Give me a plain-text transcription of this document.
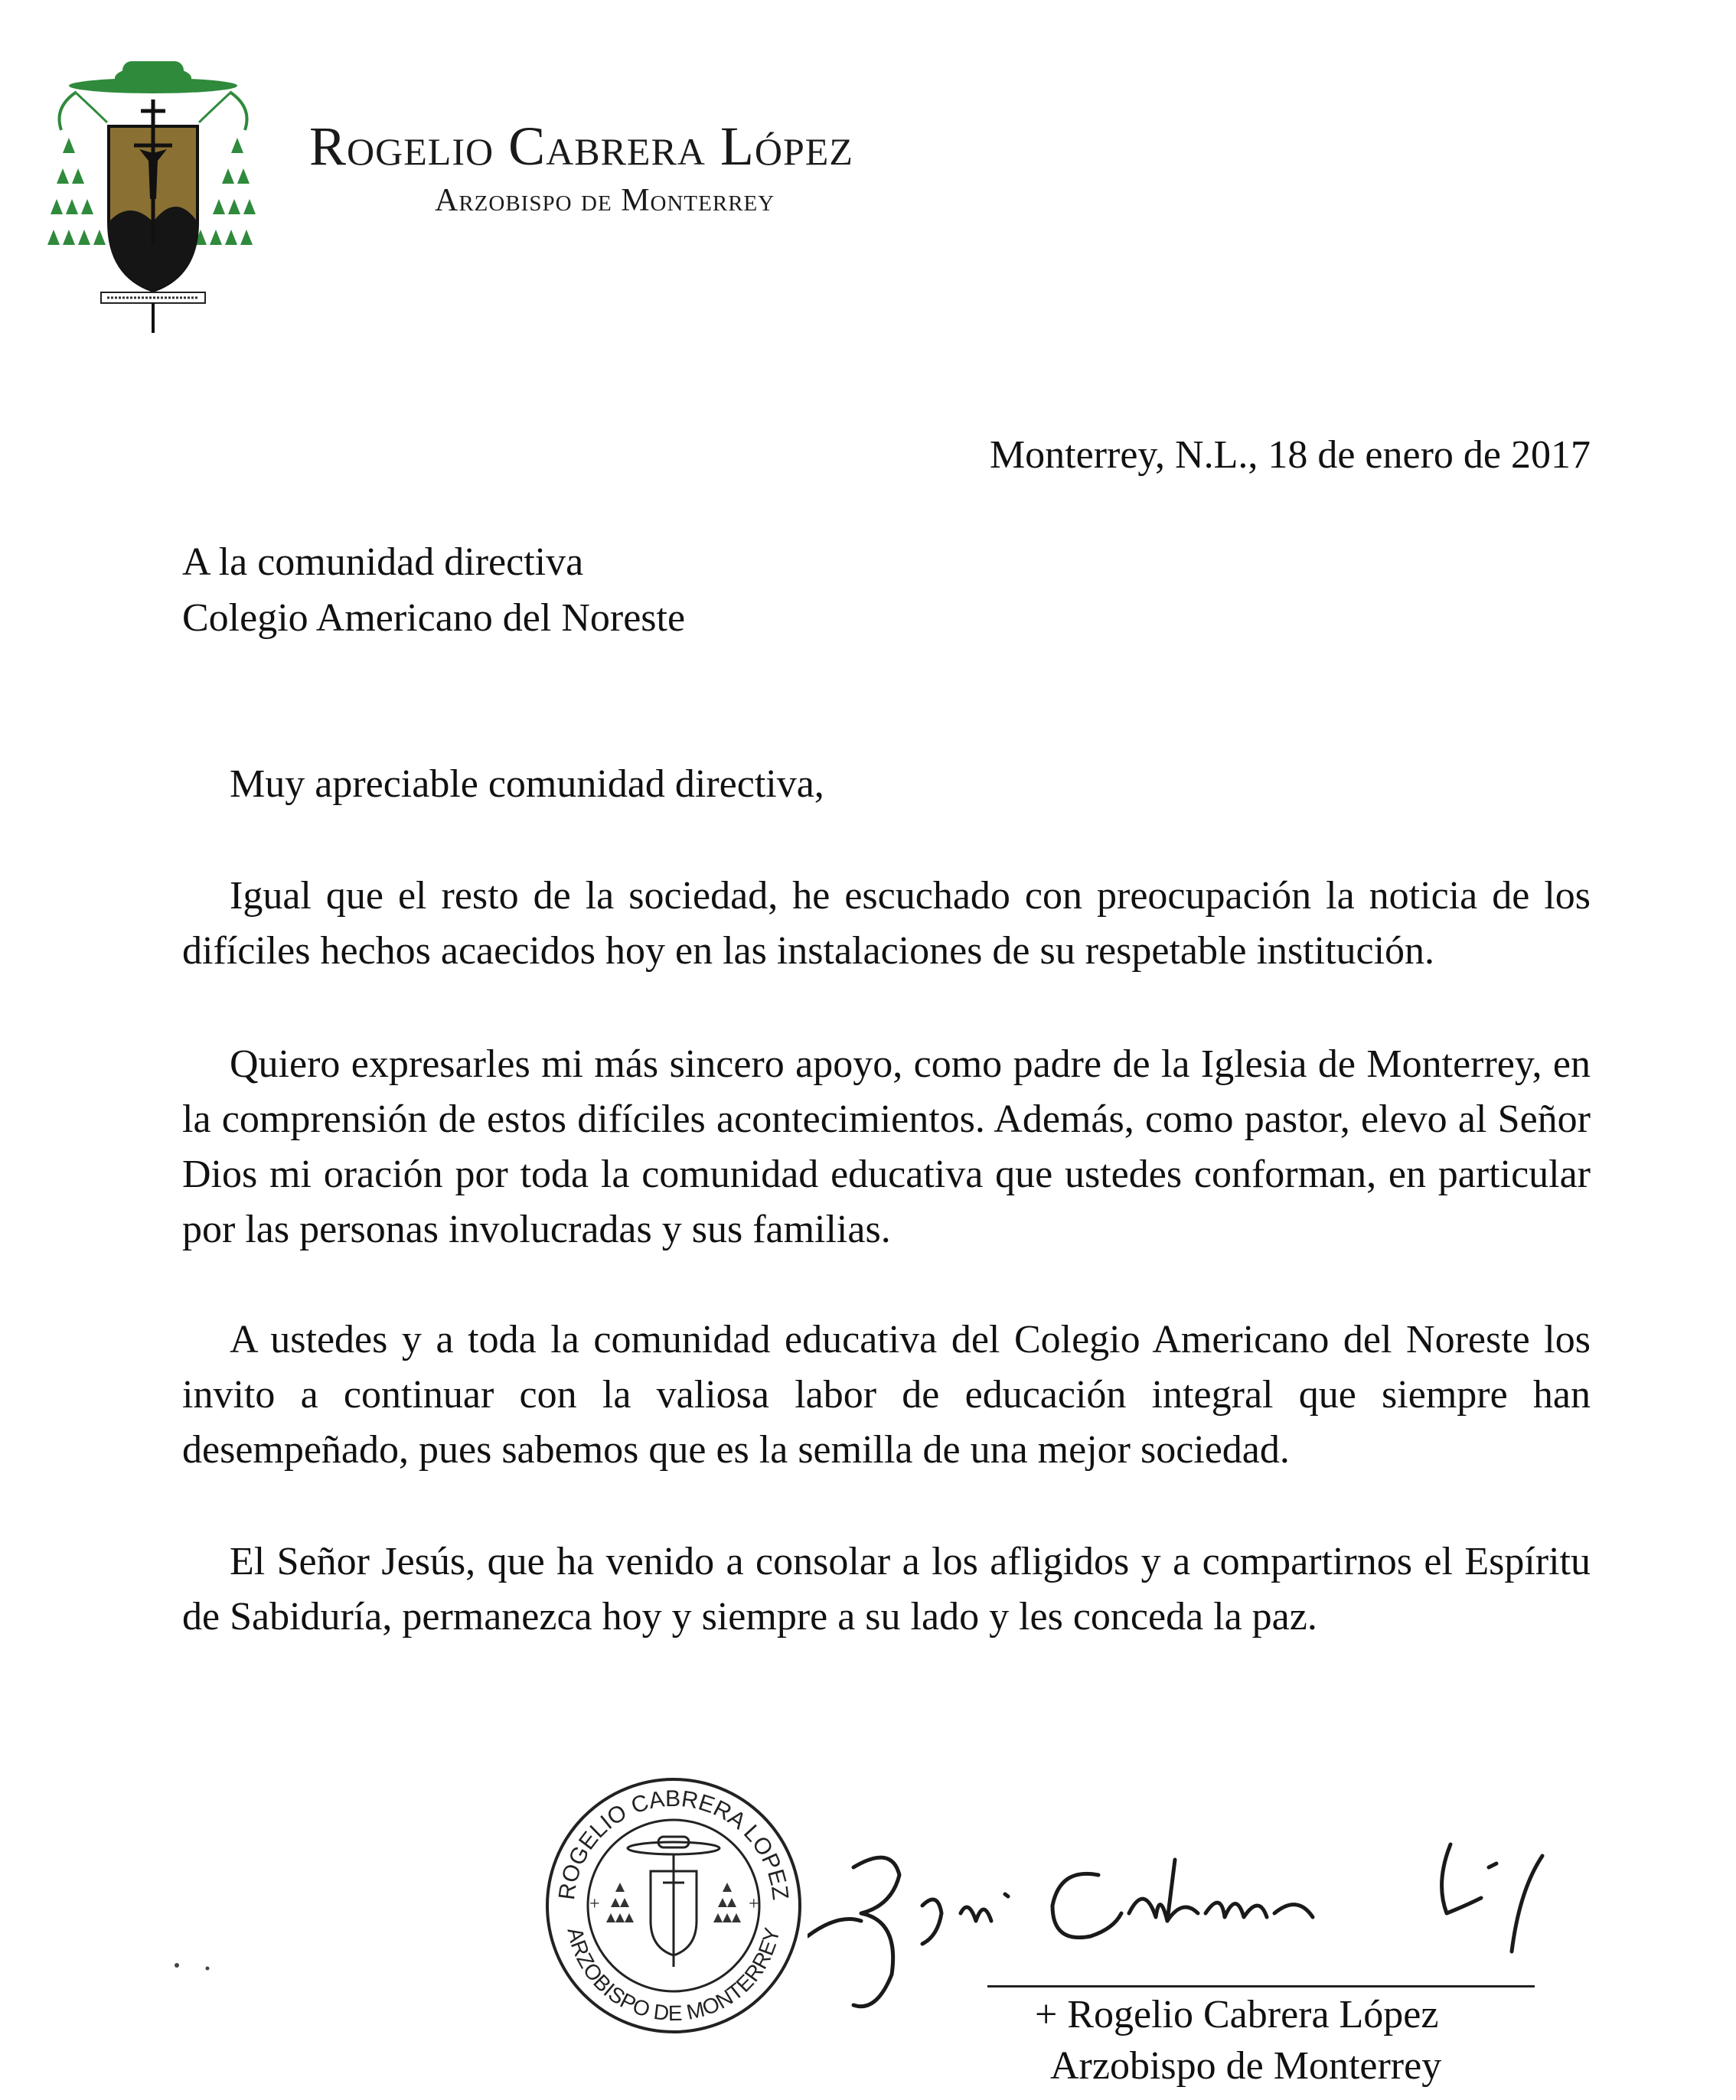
Rogelio Cabrera López
Arzobispo de Monterrey
Monterrey, N.L., 18 de enero de 2017
A la comunidad directiva
Colegio Americano del Noreste
Muy apreciable comunidad directiva,

Igual que el resto de la sociedad, he escuchado con preocupación la noticia de los difíciles hechos acaecidos hoy en las instalaciones de su respetable institución.

Quiero expresarles mi más sincero apoyo, como padre de la Iglesia de Monterrey, en la comprensión de estos difíciles acontecimientos. Además, como pastor, elevo al Señor Dios mi oración por toda la comunidad educativa que ustedes conforman, en particular por las personas involucradas y sus familias.

A ustedes y a toda la comunidad educativa del Colegio Americano del Noreste los invito a continuar con la valiosa labor de educación integral que siempre han desempeñado, pues sabemos que es la semilla de una mejor sociedad.

El Señor Jesús, que ha venido a consolar a los afligidos y a compartirnos el Espíritu de Sabiduría, permanezca hoy y siempre a su lado y les conceda la paz.

ROGELIO CABRERA LOPEZ
ARZOBISPO DE MONTERREY
+	+
+ Rogelio Cabrera López
Arzobispo de Monterrey
